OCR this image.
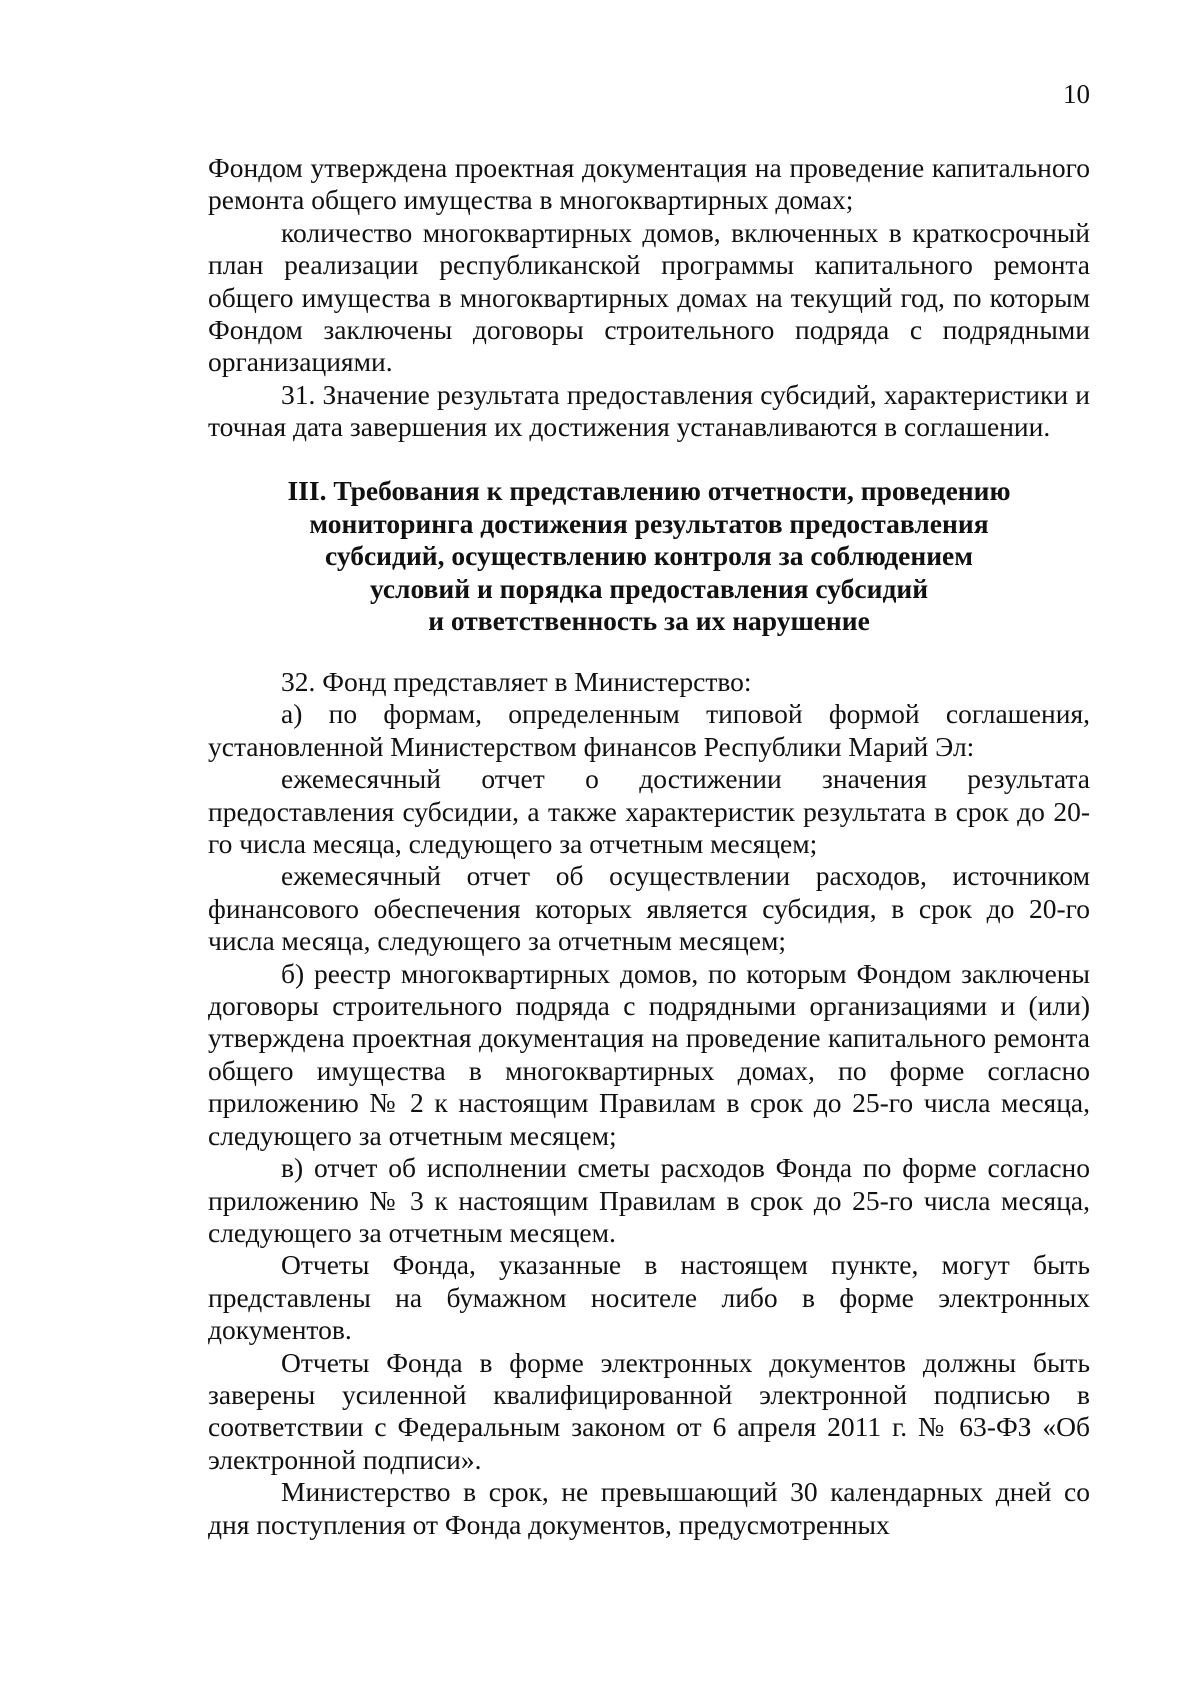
10

Фондом утверждена проектная документация на проведение капитального ремонта общего имущества в многоквартирных домах;

количество многоквартирных домов, включенных в краткосрочный план реализации республиканской программы капитального ремонта общего имущества в многоквартирных домах на текущий год, по которым Фондом заключены договоры строительного подряда с подрядными организациями.

31. Значение результата предоставления субсидий, характеристики и точная дата завершения их достижения устанавливаются в соглашении.

III. Требования к представлению отчетности, проведению
мониторинга достижения результатов предоставления
субсидий, осуществлению контроля за соблюдением
условий и порядка предоставления субсидий
и ответственность за их нарушение

32. Фонд представляет в Министерство:

а) по формам, определенным типовой формой соглашения, установленной Министерством финансов Республики Марий Эл:

ежемесячный отчет о достижении значения результата предоставления субсидии, а также характеристик результата в срок до 20-го числа месяца, следующего за отчетным месяцем;

ежемесячный отчет об осуществлении расходов, источником финансового обеспечения которых является субсидия, в срок до 20-го числа месяца, следующего за отчетным месяцем;

б) реестр многоквартирных домов, по которым Фондом заключены договоры строительного подряда с подрядными организациями и (или) утверждена проектная документация на проведение капитального ремонта общего имущества в многоквартирных домах, по форме согласно приложению № 2 к настоящим Правилам в срок до 25-го числа месяца, следующего за отчетным месяцем;

в) отчет об исполнении сметы расходов Фонда по форме согласно приложению № 3 к настоящим Правилам в срок до 25-го числа месяца, следующего за отчетным месяцем.

Отчеты Фонда, указанные в настоящем пункте, могут быть представлены на бумажном носителе либо в форме электронных документов.

Отчеты Фонда в форме электронных документов должны быть заверены усиленной квалифицированной электронной подписью в соответствии с Федеральным законом от 6 апреля 2011 г. № 63-ФЗ «Об электронной подписи».

Министерство в срок, не превышающий 30 календарных дней со дня поступления от Фонда документов, предусмотренных
